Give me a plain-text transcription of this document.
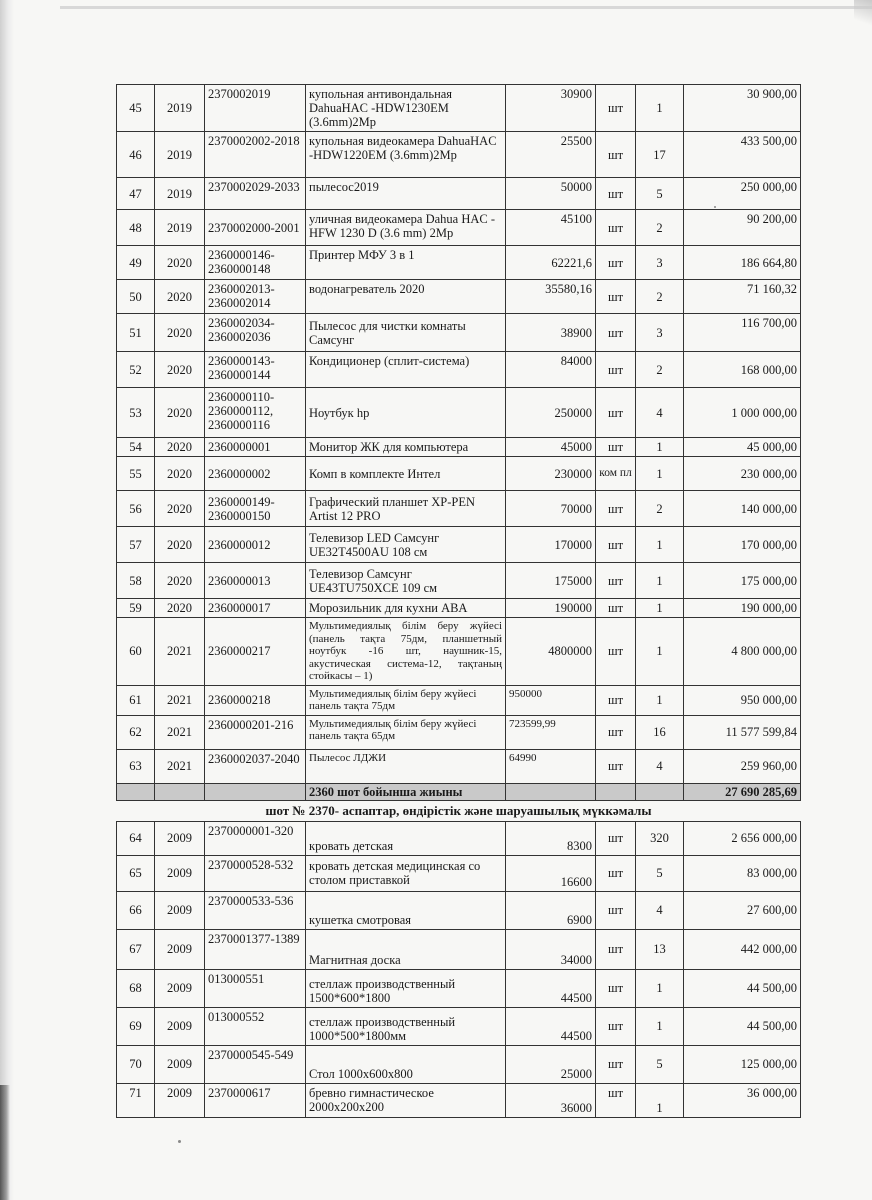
45	2019	2370002019	купольная антивондальная DahuaHAC -HDW1230EM (3.6mm)2Mp	30900	шт	1	30 900,00
46	2019	2370002002-2018	купольная видеокамера DahuaHAC -HDW1220EM (3.6mm)2Mp	25500	шт	17	433 500,00
47	2019	2370002029-2033	пылесос2019	50000	шт	5	250 000,00
48	2019	2370002000-2001	уличная видеокамера Dahua HAC -HFW 1230 D (3.6 mm) 2Mp	45100	шт	2	90 200,00
49	2020	2360000146-2360000148	Принтер МФУ 3 в 1	62221,6	шт	3	186 664,80
50	2020	2360002013-2360002014	водонагреватель 2020	35580,16	шт	2	71 160,32
51	2020	2360002034-2360002036	Пылесос для чистки комнаты Самсунг	38900	шт	3	116 700,00
52	2020	2360000143-2360000144	Кондиционер (сплит-система)	84000	шт	2	168 000,00
53	2020	2360000110-2360000112, 2360000116	Ноутбук hp	250000	шт	4	1 000 000,00
54	2020	2360000001	Монитор ЖК для компьютера	45000	шт	1	45 000,00
55	2020	2360000002	Комп в комплекте Интел	230000	ком пл	1	230 000,00
56	2020	2360000149-2360000150	Графический планшет XP-PEN Artist 12 PRO	70000	шт	2	140 000,00
57	2020	2360000012	Телевизор LED Самсунг UE32T4500AU 108 см	170000	шт	1	170 000,00
58	2020	2360000013	Телевизор Самсунг UE43TU750XCE 109 см	175000	шт	1	175 000,00
59	2020	2360000017	Морозильник для кухни ABA	190000	шт	1	190 000,00
60	2021	2360000217	Мультимедиялық білім беру жүйесі (панель тақта 75дм, планшетный ноутбук -16 шт, наушник-15, акустическая система-12, тақтаның стойкасы – 1)	4800000	шт	1	4 800 000,00
61	2021	2360000218	Мультимедиялық білім беру жүйесі панель тақта 75дм	950000	шт	1	950 000,00
62	2021	2360000201-216	Мультимедиялық білім беру жүйесі панель тақта 65дм	723599,99	шт	16	11 577 599,84
63	2021	2360002037-2040	Пылесос ЛДЖИ	64990	шт	4	259 960,00
			2360 шот бойынша жиыны				27 690 285,69
шот № 2370- аспаптар, өндірістік және шаруашылық мүккәмалы							
64	2009	2370000001-320	кровать детская	8300	шт	320	2 656 000,00
65	2009	2370000528-532	кровать детская медицинская со столом приставкой	16600	шт	5	83 000,00
66	2009	2370000533-536	кушетка смотровая	6900	шт	4	27 600,00
67	2009	2370001377-1389	Магнитная доска	34000	шт	13	442 000,00
68	2009	013000551	стеллаж производственный 1500*600*1800	44500	шт	1	44 500,00
69	2009	013000552	стеллаж производственный 1000*500*1800мм	44500	шт	1	44 500,00
70	2009	2370000545-549	Стол 1000х600х800	25000	шт	5	125 000,00
71	2009	2370000617	бревно гимнастическое 2000х200х200	36000	шт	1	36 000,00
